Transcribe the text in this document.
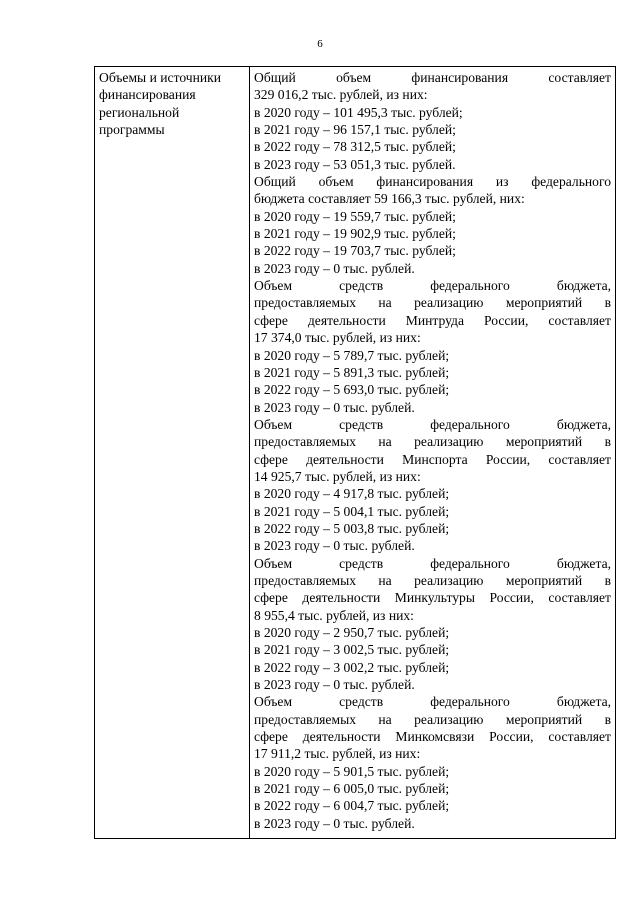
6
Объемы и источники
финансирования
региональной
программы

Общий объем финансирования составляет
329 016,2 тыс. рублей, из них:
в 2020 году – 101 495,3 тыс. рублей;
в 2021 году – 96 157,1 тыс. рублей;
в 2022 году – 78 312,5 тыс. рублей;
в 2023 году – 53 051,3 тыс. рублей.
Общий объем финансирования из федерального
бюджета составляет 59 166,3 тыс. рублей, них:
в 2020 году – 19 559,7 тыс. рублей;
в 2021 году – 19 902,9 тыс. рублей;
в 2022 году – 19 703,7 тыс. рублей;
в 2023 году – 0 тыс. рублей.
Объем средств федерального бюджета,
предоставляемых на реализацию мероприятий в
сфере деятельности Минтруда России, составляет
17 374,0 тыс. рублей, из них:
в 2020 году – 5 789,7 тыс. рублей;
в 2021 году – 5 891,3 тыс. рублей;
в 2022 году – 5 693,0 тыс. рублей;
в 2023 году – 0 тыс. рублей.
Объем средств федерального бюджета,
предоставляемых на реализацию мероприятий в
сфере деятельности Минспорта России, составляет
14 925,7 тыс. рублей, из них:
в 2020 году – 4 917,8 тыс. рублей;
в 2021 году – 5 004,1 тыс. рублей;
в 2022 году – 5 003,8 тыс. рублей;
в 2023 году – 0 тыс. рублей.
Объем средств федерального бюджета,
предоставляемых на реализацию мероприятий в
сфере деятельности Минкультуры России, составляет
8 955,4 тыс. рублей, из них:
в 2020 году – 2 950,7 тыс. рублей;
в 2021 году – 3 002,5 тыс. рублей;
в 2022 году – 3 002,2 тыс. рублей;
в 2023 году – 0 тыс. рублей.
Объем средств федерального бюджета,
предоставляемых на реализацию мероприятий в
сфере деятельности Минкомсвязи России, составляет
17 911,2 тыс. рублей, из них:
в 2020 году – 5 901,5 тыс. рублей;
в 2021 году – 6 005,0 тыс. рублей;
в 2022 году – 6 004,7 тыс. рублей;
в 2023 году – 0 тыс. рублей.
